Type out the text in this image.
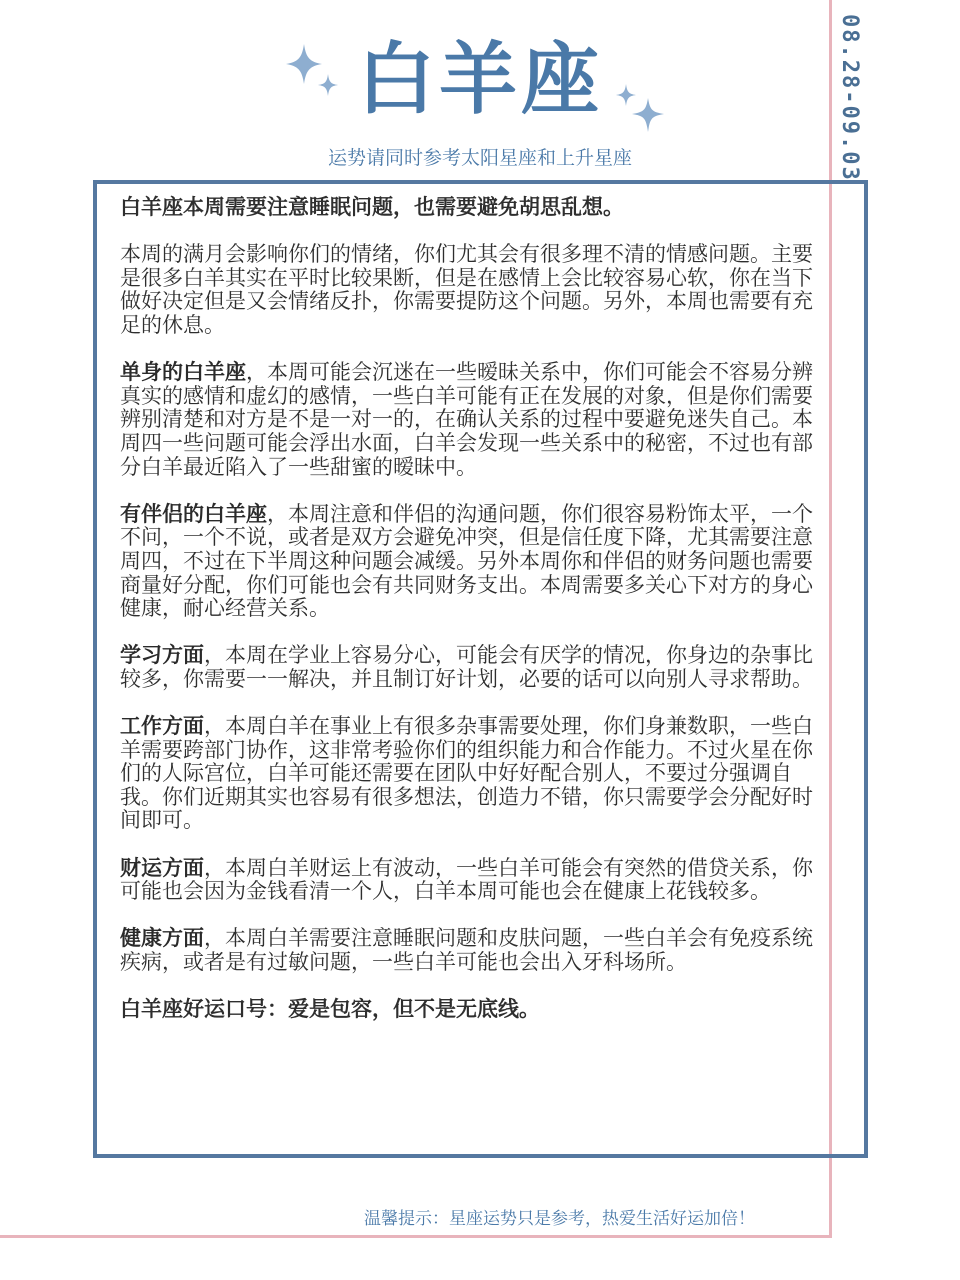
08.28-09.03
白羊座
运势请同时参考太阳星座和上升星座

白羊座本周需要注意睡眠问题，也需要避免胡思乱想。

本周的满月会影响你们的情绪，你们尤其会有很多理不清的情感问题。主要是很多白羊其实在平时比较果断，但是在感情上会比较容易心软，你在当下做好决定但是又会情绪反扑，你需要提防这个问题。另外，本周也需要有充足的休息。

单身的白羊座，本周可能会沉迷在一些暧昧关系中，你们可能会不容易分辨真实的感情和虚幻的感情，一些白羊可能有正在发展的对象，但是你们需要辨别清楚和对方是不是一对一的，在确认关系的过程中要避免迷失自己。本周四一些问题可能会浮出水面，白羊会发现一些关系中的秘密，不过也有部分白羊最近陷入了一些甜蜜的暧昧中。

有伴侣的白羊座，本周注意和伴侣的沟通问题，你们很容易粉饰太平，一个不问，一个不说，或者是双方会避免冲突，但是信任度下降，尤其需要注意周四，不过在下半周这种问题会减缓。另外本周你和伴侣的财务问题也需要商量好分配，你们可能也会有共同财务支出。本周需要多关心下对方的身心健康，耐心经营关系。

学习方面，本周在学业上容易分心，可能会有厌学的情况，你身边的杂事比较多，你需要一一解决，并且制订好计划，必要的话可以向别人寻求帮助。

工作方面，本周白羊在事业上有很多杂事需要处理，你们身兼数职，一些白羊需要跨部门协作，这非常考验你们的组织能力和合作能力。不过火星在你们的人际宫位，白羊可能还需要在团队中好好配合别人，不要过分强调自我。你们近期其实也容易有很多想法，创造力不错，你只需要学会分配好时间即可。

财运方面，本周白羊财运上有波动，一些白羊可能会有突然的借贷关系，你可能也会因为金钱看清一个人，白羊本周可能也会在健康上花钱较多。

健康方面，本周白羊需要注意睡眠问题和皮肤问题，一些白羊会有免疫系统疾病，或者是有过敏问题，一些白羊可能也会出入牙科场所。

白羊座好运口号：爱是包容，但不是无底线。

温馨提示：星座运势只是参考，热爱生活好运加倍！
